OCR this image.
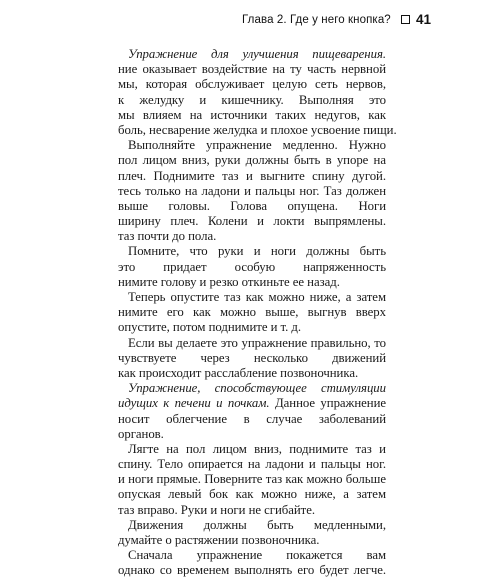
Глава 2. Где у него кнопка? 41
Упражнение для улучшения пищеварения.
ние оказывает воздействие на ту часть нервной
мы, которая обслуживает целую сеть нервов,
к желудку и кишечнику. Выполняя это
мы влияем на источники таких недугов, как
боль, несварение желудка и плохое усвоение пищи.
Выполняйте упражнение медленно. Нужно
пол лицом вниз, руки должны быть в упоре на
плеч. Поднимите таз и выгните спину дугой.
тесь только на ладони и пальцы ног. Таз должен
выше головы. Голова опущена. Ноги
ширину плеч. Колени и локти выпрямлены.
таз почти до пола.
Помните, что руки и ноги должны быть
это придает особую напряженность
нимите голову и резко откиньте ее назад.
Теперь опустите таз как можно ниже, а затем
нимите его как можно выше, выгнув вверх
опустите, потом поднимите и т. д.
Если вы делаете это упражнение правильно, то
чувствуете через несколько движений
как происходит расслабление позвоночника.
Упражнение, способствующее стимуляции
идущих к печени и почкам. Данное упражнение
носит облегчение в случае заболеваний
органов.
Лягте на пол лицом вниз, поднимите таз и
спину. Тело опирается на ладони и пальцы ног.
и ноги прямые. Поверните таз как можно больше
опуская левый бок как можно ниже, а затем
таз вправо. Руки и ноги не сгибайте.
Движения должны быть медленными,
думайте о растяжении позвоночника.
Сначала упражнение покажется вам
однако со временем выполнять его будет легче.
